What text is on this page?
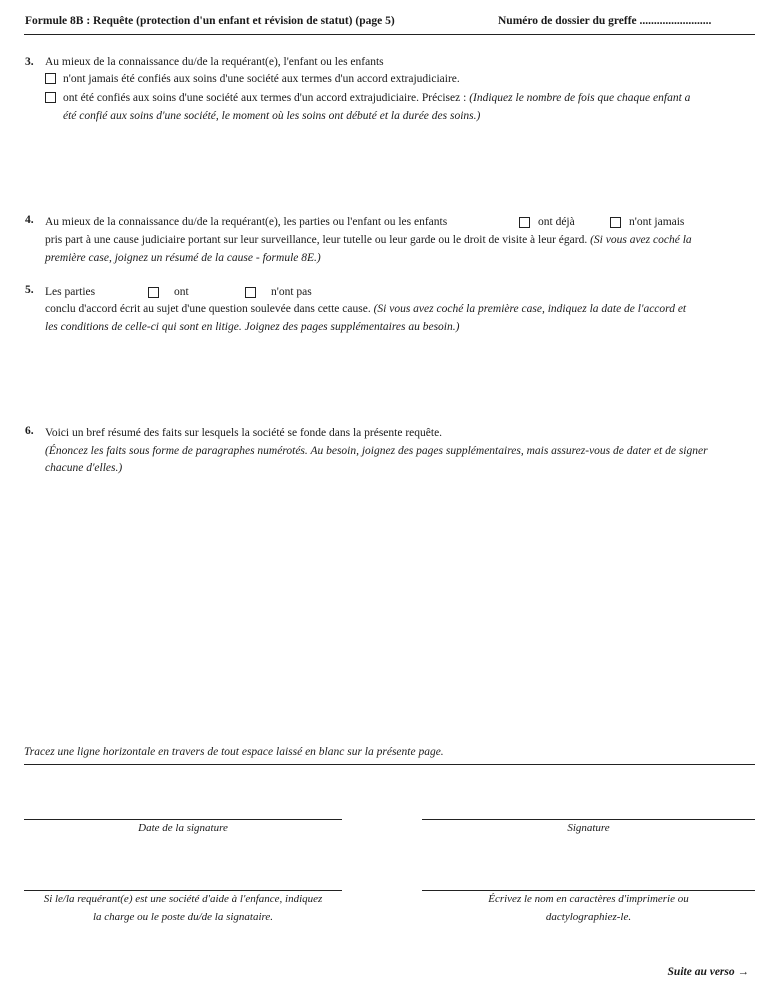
Formule 8B : Requête (protection d'un enfant et révision de statut) (page 5)	Numéro de dossier du greffe .........................
3. Au mieux de la connaissance du/de la requérant(e), l'enfant ou les enfants
n'ont jamais été confiés aux soins d'une société aux termes d'un accord extrajudiciaire.
ont été confiés aux soins d'une société aux termes d'un accord extrajudiciaire. Précisez : (Indiquez le nombre de fois que chaque enfant a
été confié aux soins d'une société, le moment où les soins ont débuté et la durée des soins.)
4. Au mieux de la connaissance du/de la requérant(e), les parties ou l'enfant ou les enfants	ont déjà	n'ont jamais
pris part à une cause judiciaire portant sur leur surveillance, leur tutelle ou leur garde ou le droit de visite à leur égard. (Si vous avez coché la
première case, joignez un résumé de la cause - formule 8E.)
5. Les parties	ont	n'ont pas
conclu d'accord écrit au sujet d'une question soulevée dans cette cause. (Si vous avez coché la première case, indiquez la date de l'accord et
les conditions de celle-ci qui sont en litige. Joignez des pages supplémentaires au besoin.)
6. Voici un bref résumé des faits sur lesquels la société se fonde dans la présente requête.
(Énoncez les faits sous forme de paragraphes numérotés. Au besoin, joignez des pages supplémentaires, mais assurez-vous de dater et de signer
chacune d'elles.)
Tracez une ligne horizontale en travers de tout espace laissé en blanc sur la présente page.
Date de la signature	Signature
Si le/la requérant(e) est une société d'aide à l'enfance, indiquez
la charge ou le poste du/de la signataire.
Écrivez le nom en caractères d'imprimerie ou
dactylographiez-le.
Suite au verso →
